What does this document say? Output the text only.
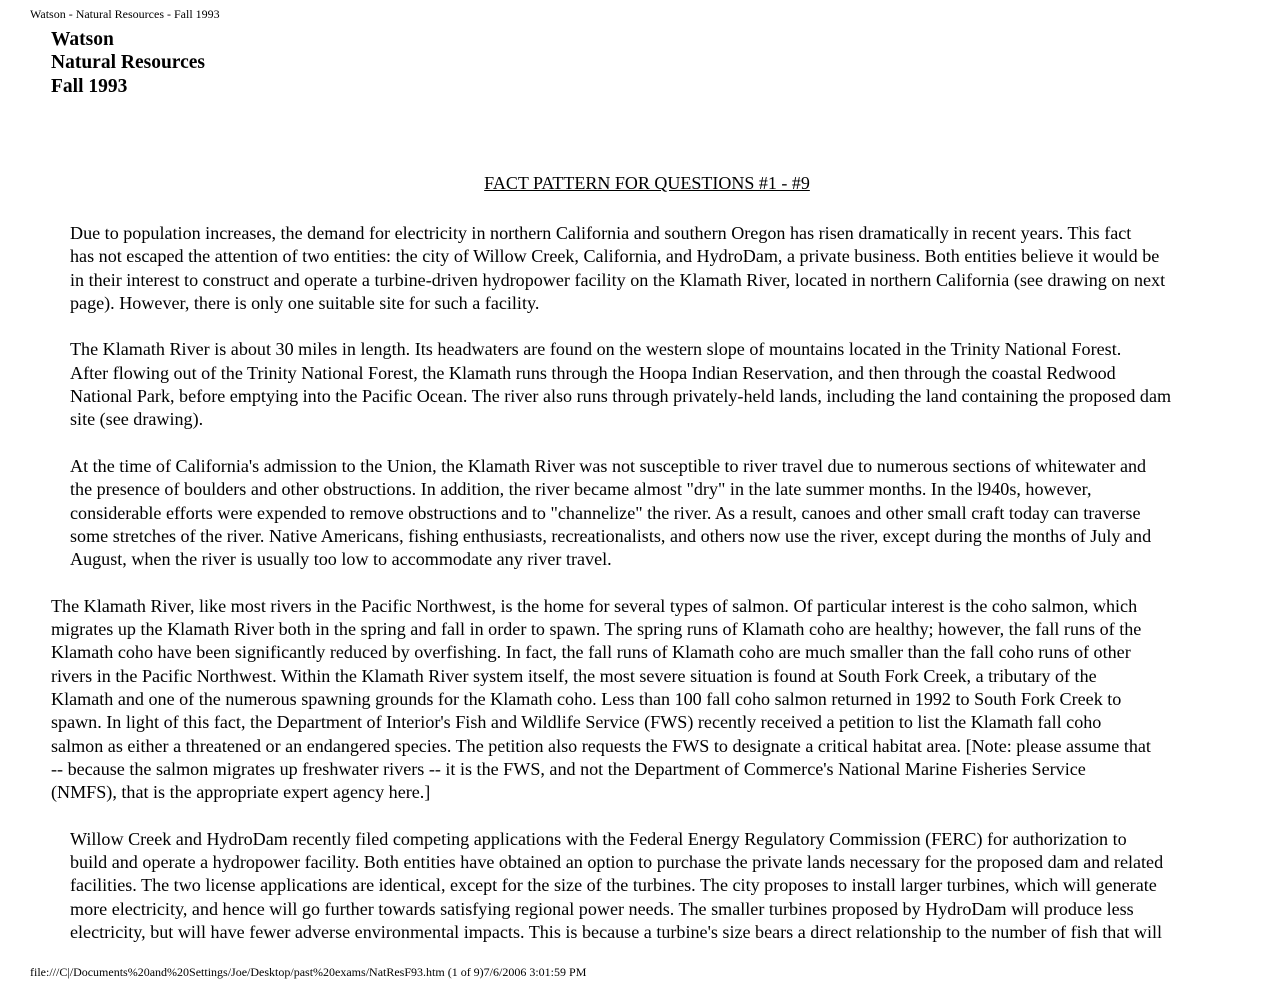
Watson - Natural Resources - Fall 1993
Watson
Natural Resources
Fall 1993
FACT PATTERN FOR QUESTIONS #1 - #9

Due to population increases, the demand for electricity in northern California and southern Oregon has risen dramatically in recent years. This fact
has not escaped the attention of two entities: the city of Willow Creek, California, and HydroDam, a private business. Both entities believe it would be
in their interest to construct and operate a turbine-driven hydropower facility on the Klamath River, located in northern California (see drawing on next
page). However, there is only one suitable site for such a facility.

The Klamath River is about 30 miles in length. Its headwaters are found on the western slope of mountains located in the Trinity National Forest.
After flowing out of the Trinity National Forest, the Klamath runs through the Hoopa Indian Reservation, and then through the coastal Redwood
National Park, before emptying into the Pacific Ocean. The river also runs through privately-held lands, including the land containing the proposed dam
site (see drawing).

At the time of California's admission to the Union, the Klamath River was not susceptible to river travel due to numerous sections of whitewater and
the presence of boulders and other obstructions. In addition, the river became almost "dry" in the late summer months. In the l940s, however,
considerable efforts were expended to remove obstructions and to "channelize" the river. As a result, canoes and other small craft today can traverse
some stretches of the river. Native Americans, fishing enthusiasts, recreationalists, and others now use the river, except during the months of July and
August, when the river is usually too low to accommodate any river travel.

The Klamath River, like most rivers in the Pacific Northwest, is the home for several types of salmon. Of particular interest is the coho salmon, which
migrates up the Klamath River both in the spring and fall in order to spawn. The spring runs of Klamath coho are healthy; however, the fall runs of the
Klamath coho have been significantly reduced by overfishing. In fact, the fall runs of Klamath coho are much smaller than the fall coho runs of other
rivers in the Pacific Northwest. Within the Klamath River system itself, the most severe situation is found at South Fork Creek, a tributary of the
Klamath and one of the numerous spawning grounds for the Klamath coho. Less than 100 fall coho salmon returned in 1992 to South Fork Creek to
spawn. In light of this fact, the Department of Interior's Fish and Wildlife Service (FWS) recently received a petition to list the Klamath fall coho
salmon as either a threatened or an endangered species. The petition also requests the FWS to designate a critical habitat area. [Note: please assume that
-- because the salmon migrates up freshwater rivers -- it is the FWS, and not the Department of Commerce's National Marine Fisheries Service
(NMFS), that is the appropriate expert agency here.]

Willow Creek and HydroDam recently filed competing applications with the Federal Energy Regulatory Commission (FERC) for authorization to
build and operate a hydropower facility. Both entities have obtained an option to purchase the private lands necessary for the proposed dam and related
facilities. The two license applications are identical, except for the size of the turbines. The city proposes to install larger turbines, which will generate
more electricity, and hence will go further towards satisfying regional power needs. The smaller turbines proposed by HydroDam will produce less
electricity, but will have fewer adverse environmental impacts. This is because a turbine's size bears a direct relationship to the number of fish that will

file:///C|/Documents%20and%20Settings/Joe/Desktop/past%20exams/NatResF93.htm (1 of 9)7/6/2006 3:01:59 PM
